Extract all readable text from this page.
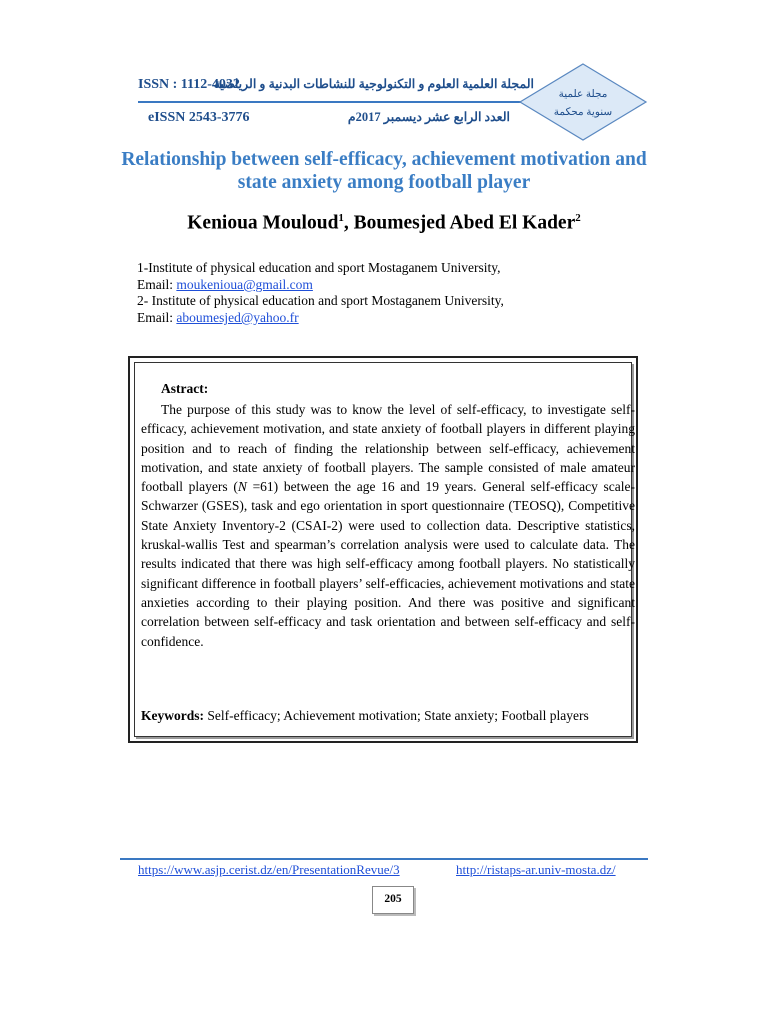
ISSN : 1112-4032
المجلة العلمية العلوم و التكنولوجية للنشاطات البدنية و الرياضية
eISSN 2543-3776	العدد الرابع عشر ديسمبر 2017م
مجلة علمية
سنوية محكمة
Relationship between self-efficacy, achievement motivation and state anxiety among football player
Kenioua Mouloud$^1$, Boumesjed Abed El Kader$^2$
1-Institute of physical education and sport Mostaganem University,
Email: moukenioua@gmail.com
2- Institute of physical education and sport Mostaganem University,
Email: aboumesjed@yahoo.fr
Astract:
The purpose of this study was to know the level of self-efficacy, to investigate self-efficacy, achievement motivation, and state anxiety of football players in different playing position and to reach of finding the relationship between self-efficacy, achievement motivation, and state anxiety of football players. The sample consisted of male amateur football players (N =61) between the age 16 and 19 years. General self-efficacy scale-Schwarzer (GSES), task and ego orientation in sport questionnaire (TEOSQ), Competitive State Anxiety Inventory-2 (CSAI-2) were used to collection data. Descriptive statistics, kruskal-wallis Test and spearman’s correlation analysis were used to calculate data. The results indicated that there was high self-efficacy among football players. No statistically significant difference in football players’ self-efficacies, achievement motivations and state anxieties according to their playing position. And there was positive and significant correlation between self-efficacy and task orientation and between self-efficacy and self-confidence.
Keywords: Self-efficacy; Achievement motivation; State anxiety; Football players
https://www.asjp.cerist.dz/en/PresentationRevue/3	http://ristaps-ar.univ-mosta.dz/
205
